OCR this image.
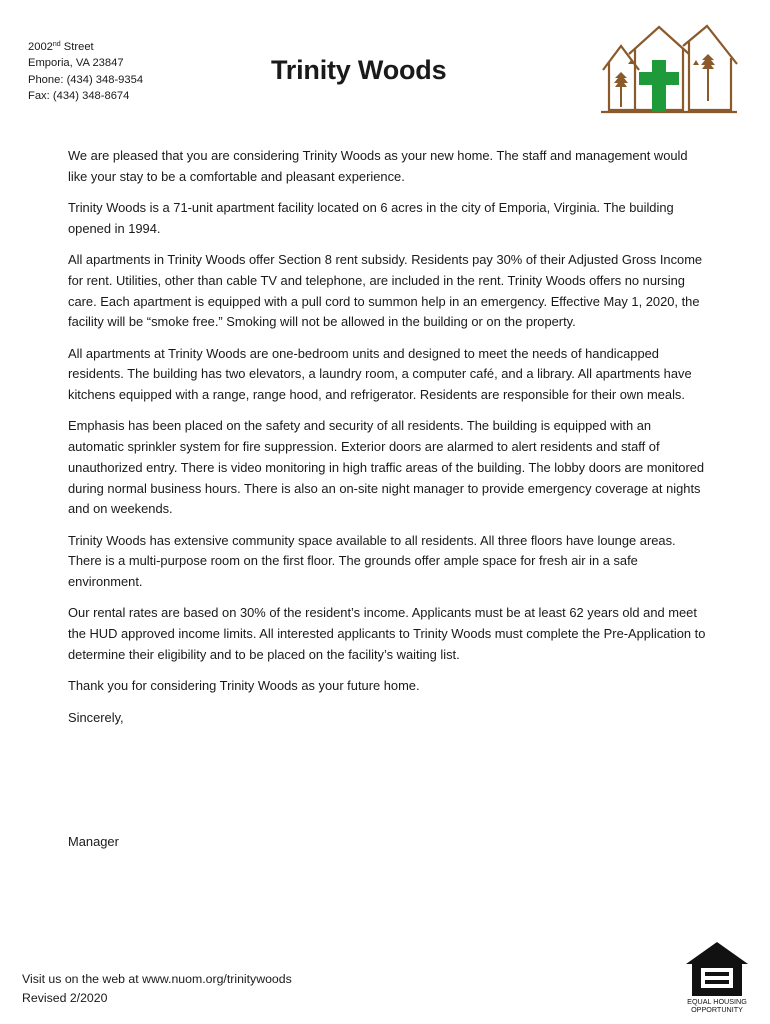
2002nd Street
Emporia, VA 23847
Phone: (434) 348-9354
Fax: (434) 348-8674
Trinity Woods

We are pleased that you are considering Trinity Woods as your new home. The staff and management would like your stay to be a comfortable and pleasant experience.

Trinity Woods is a 71-unit apartment facility located on 6 acres in the city of Emporia, Virginia. The building opened in 1994.

All apartments in Trinity Woods offer Section 8 rent subsidy. Residents pay 30% of their Adjusted Gross Income for rent. Utilities, other than cable TV and telephone, are included in the rent. Trinity Woods offers no nursing care. Each apartment is equipped with a pull cord to summon help in an emergency. Effective May 1, 2020, the facility will be “smoke free.” Smoking will not be allowed in the building or on the property.

All apartments at Trinity Woods are one-bedroom units and designed to meet the needs of handicapped residents. The building has two elevators, a laundry room, a computer café, and a library. All apartments have kitchens equipped with a range, range hood, and refrigerator. Residents are responsible for their own meals.

Emphasis has been placed on the safety and security of all residents. The building is equipped with an automatic sprinkler system for fire suppression. Exterior doors are alarmed to alert residents and staff of unauthorized entry. There is video monitoring in high traffic areas of the building. The lobby doors are monitored during normal business hours. There is also an on-site night manager to provide emergency coverage at nights and on weekends.

Trinity Woods has extensive community space available to all residents. All three floors have lounge areas. There is a multi-purpose room on the first floor. The grounds offer ample space for fresh air in a safe environment.

Our rental rates are based on 30% of the resident’s income. Applicants must be at least 62 years old and meet the HUD approved income limits. All interested applicants to Trinity Woods must complete the Pre-Application to determine their eligibility and to be placed on the facility’s waiting list.

Thank you for considering Trinity Woods as your future home.

Sincerely,

Manager
Visit us on the web at www.nuom.org/trinitywoods
Revised 2/2020	EQUAL HOUSING
OPPORTUNITY
